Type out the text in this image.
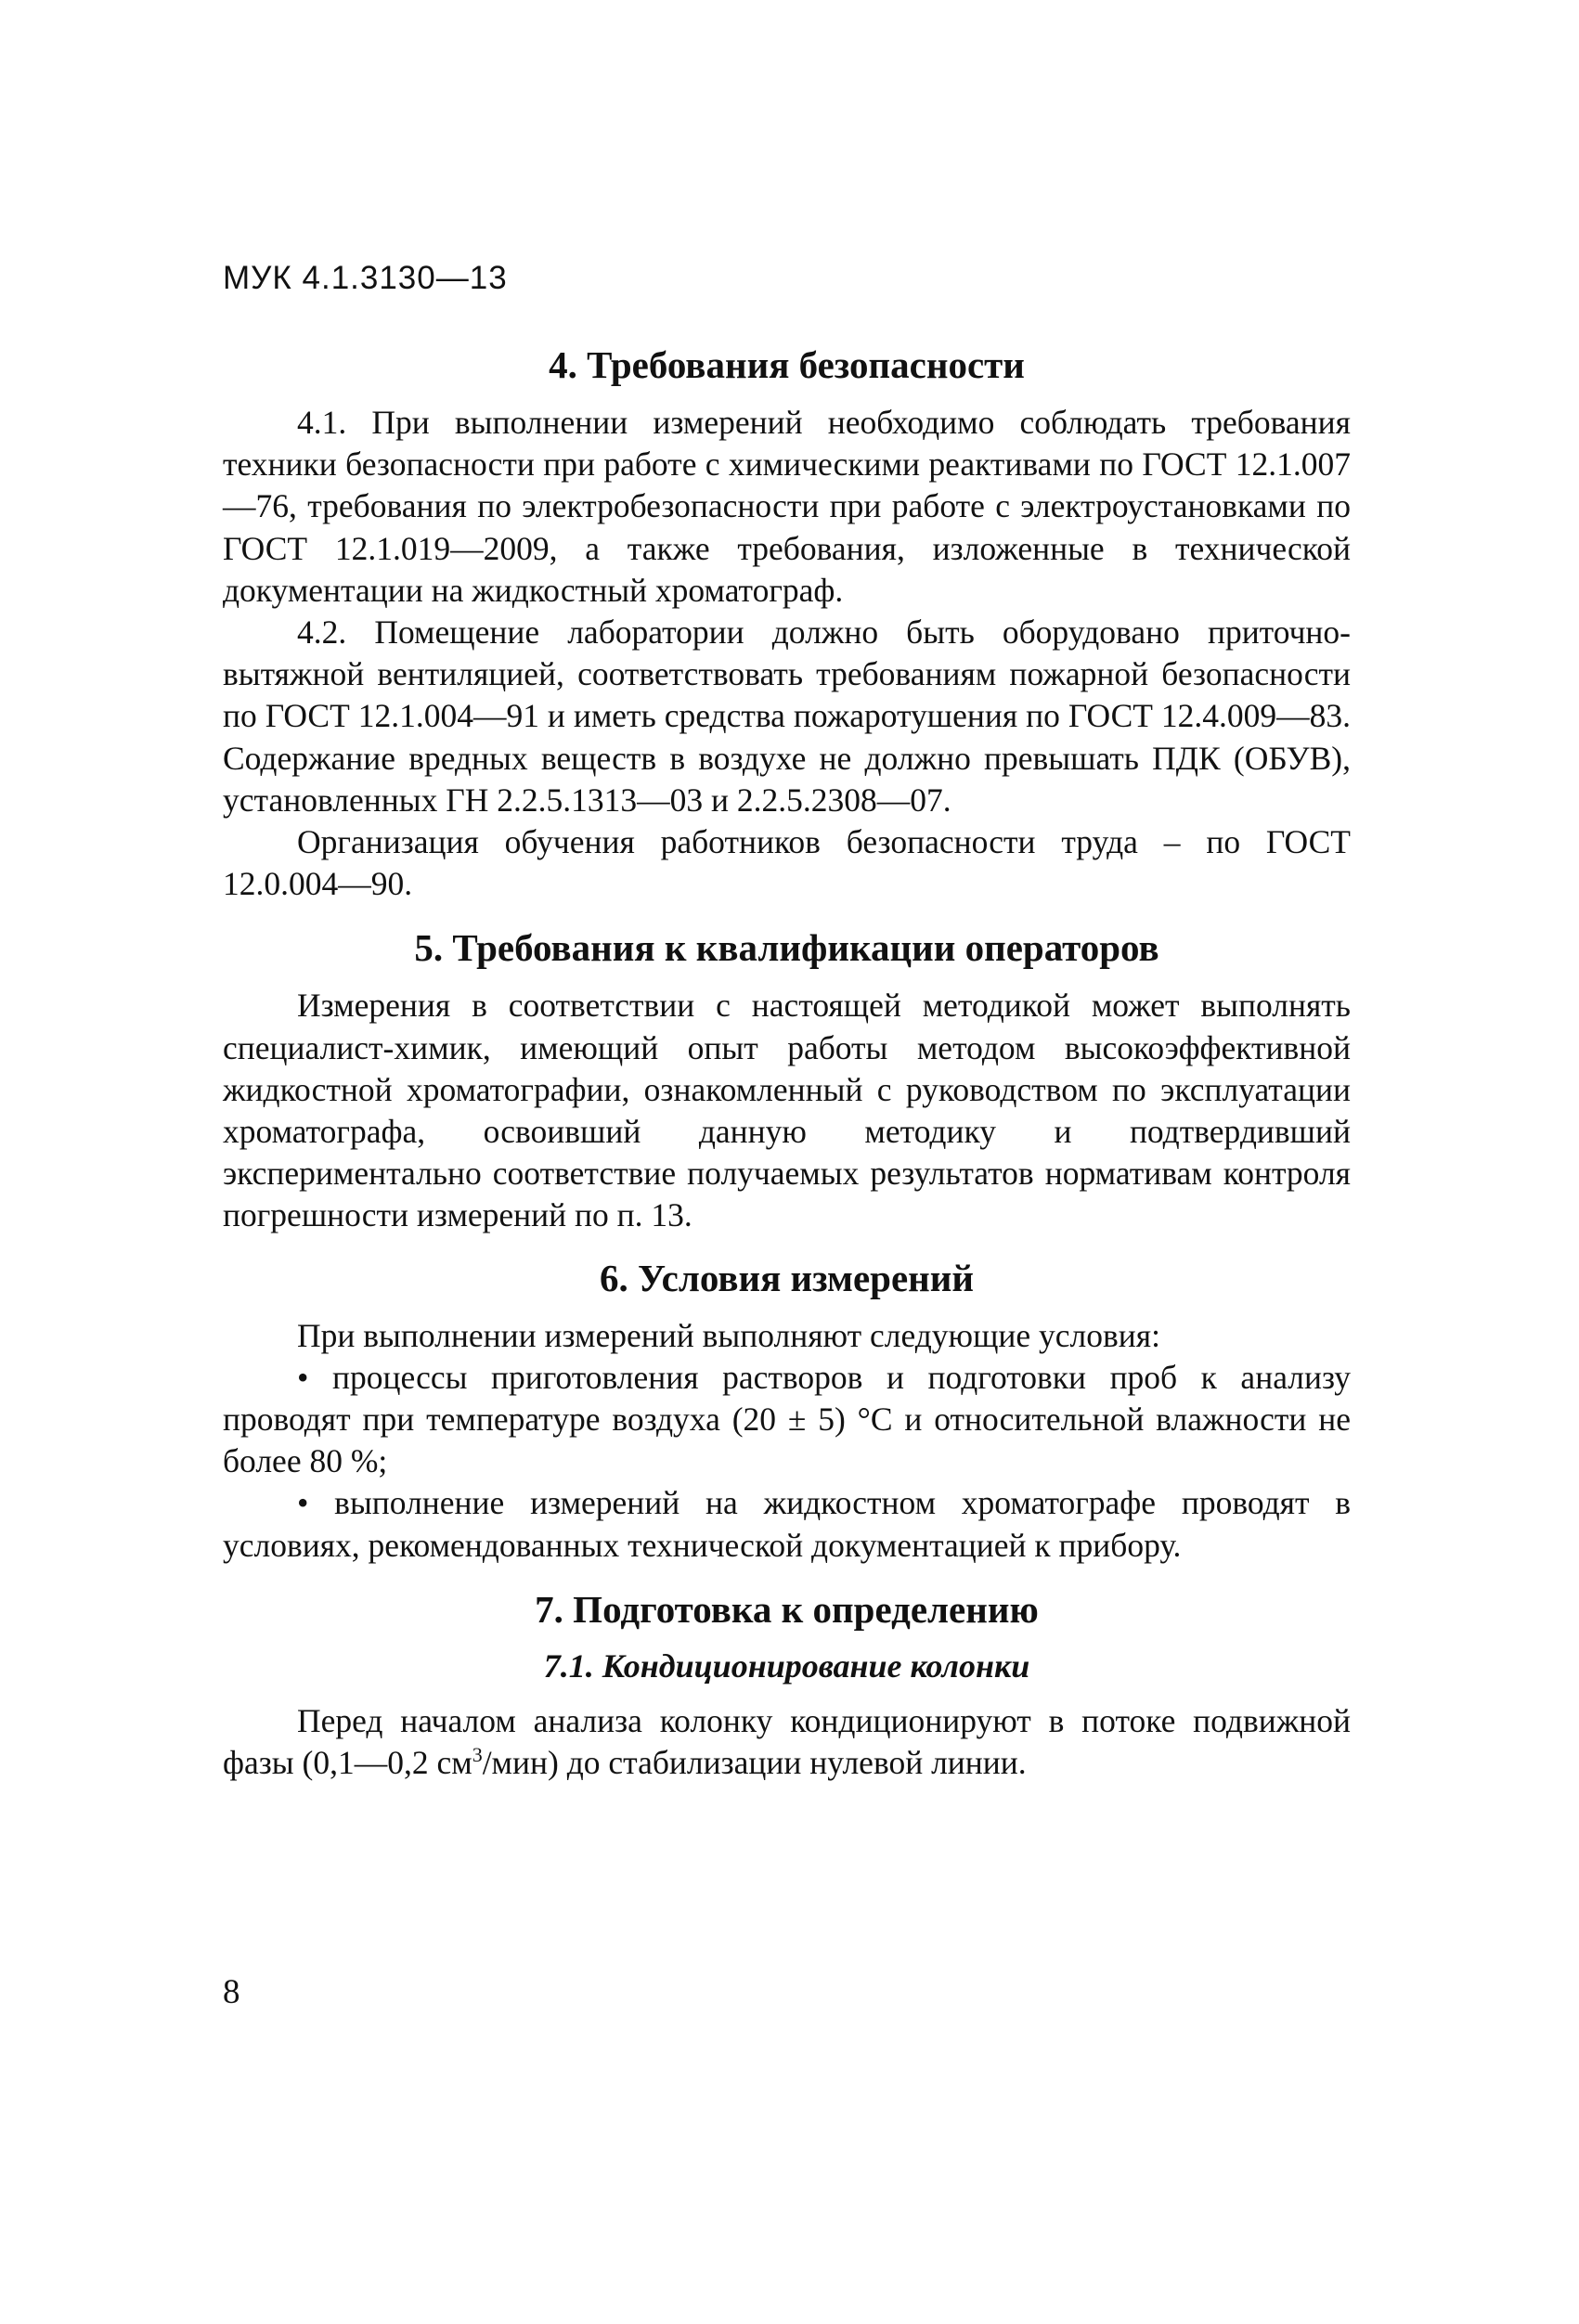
МУК 4.1.3130—13
4. Требования безопасности

4.1. При выполнении измерений необходимо соблюдать требования техники безопасности при работе с химическими реактивами по ГОСТ 12.1.007—76, требования по электробезопасности при работе с электроустановками по ГОСТ 12.1.019—2009, а также требования, изложенные в технической документации на жидкостный хроматограф.

4.2. Помещение лаборатории должно быть оборудовано приточно-вытяжной вентиляцией, соответствовать требованиям пожарной безопасности по ГОСТ 12.1.004—91 и иметь средства пожаротушения по ГОСТ 12.4.009—83. Содержание вредных веществ в воздухе не должно превышать ПДК (ОБУВ), установленных ГН 2.2.5.1313—03 и 2.2.5.2308—07.

Организация обучения работников безопасности труда – по ГОСТ 12.0.004—90.

5. Требования к квалификации операторов

Измерения в соответствии с настоящей методикой может выполнять специалист-химик, имеющий опыт работы методом высокоэффективной жидкостной хроматографии, ознакомленный с руководством по эксплуатации хроматографа, освоивший данную методику и подтвердивший экспериментально соответствие получаемых результатов нормативам контроля погрешности измерений по п. 13.

6. Условия измерений

При выполнении измерений выполняют следующие условия:

• процессы приготовления растворов и подготовки проб к анализу проводят при температуре воздуха (20 ± 5) °С и относительной влажности не более 80 %;

• выполнение измерений на жидкостном хроматографе проводят в условиях, рекомендованных технической документацией к прибору.

7. Подготовка к определению
7.1. Кондиционирование колонки

Перед началом анализа колонку кондиционируют в потоке подвижной фазы (0,1—0,2 $см^3/мин$) до стабилизации нулевой линии.

8
